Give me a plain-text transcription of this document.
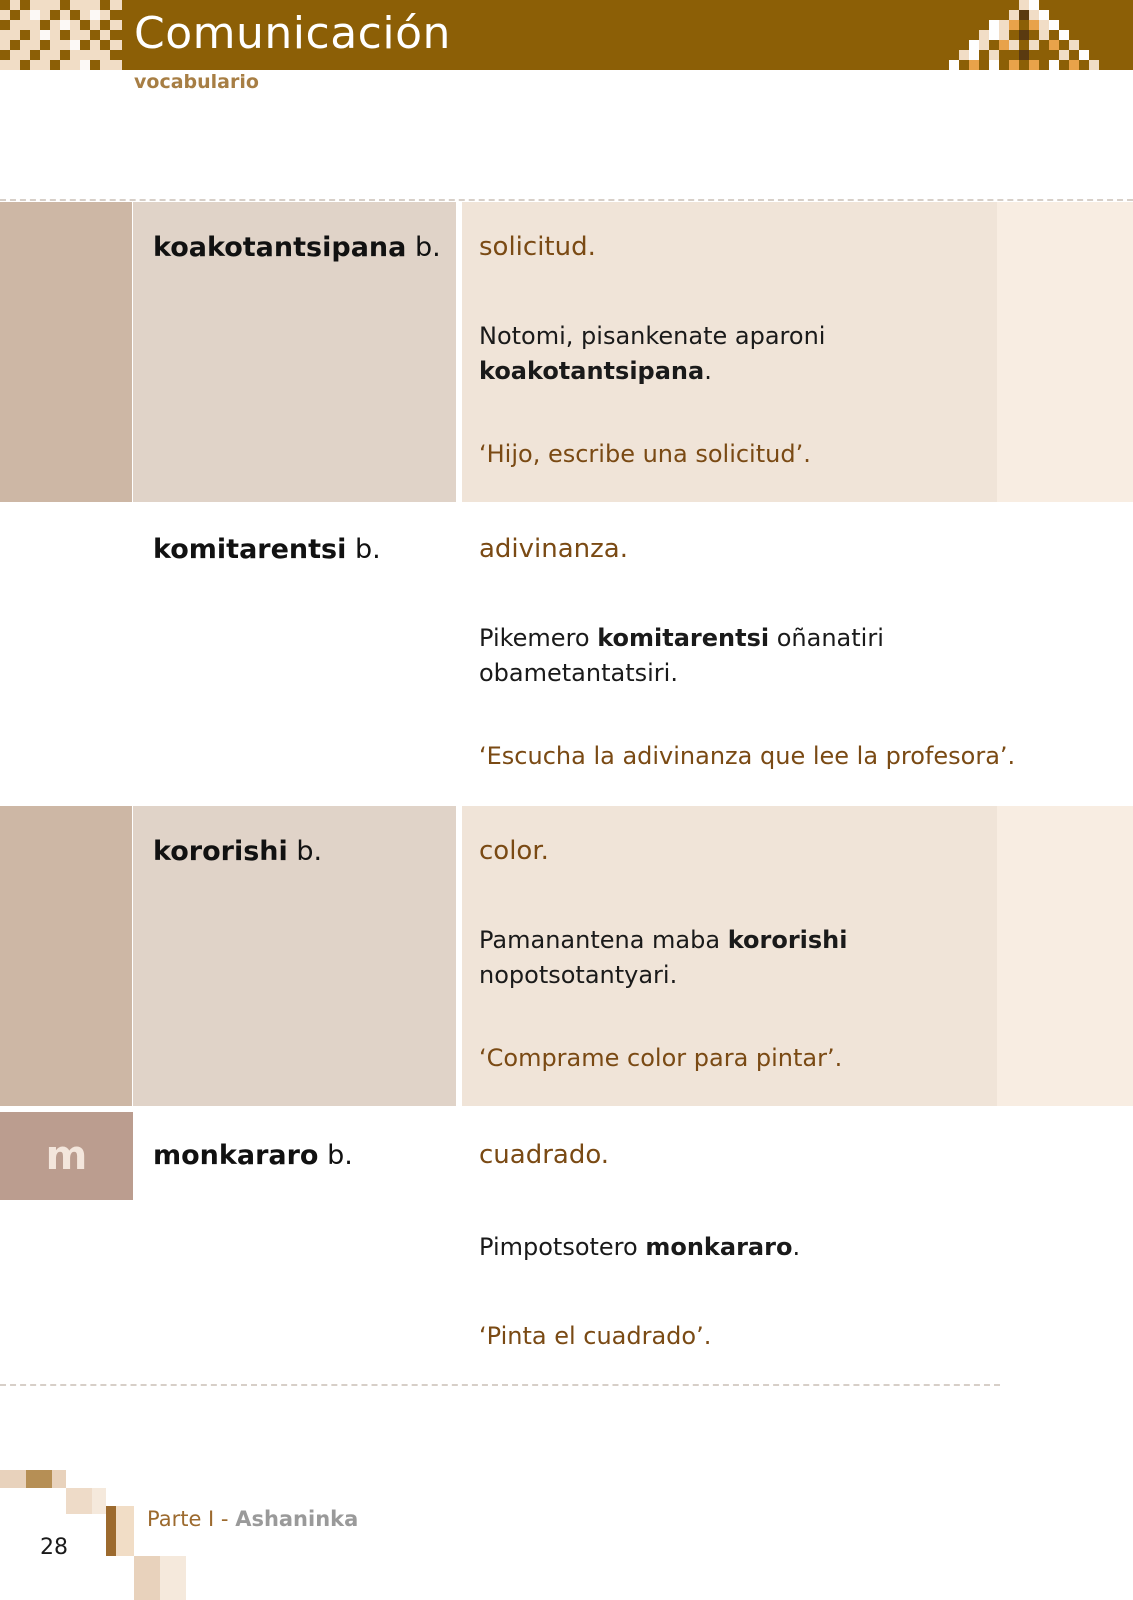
Comunicación
vocabulario
koakotantsipana b. solicitud.
Notomi, pisankenate aparoni koakotantsipana.
‘Hijo, escribe una solicitud’.
komitarentsi b.	adivinanza.
Pikemero komitarentsi oñanatiri obametantatsiri.
‘Escucha la adivinanza que lee la profesora’.
kororishi b.	color.
Pamanantena maba kororishi nopotsotantyari.
‘Comprame color para pintar’.
m	monkararo b.	cuadrado.
Pimpotsotero monkararo.
‘Pinta el cuadrado’.
28
Parte I - Ashaninka
